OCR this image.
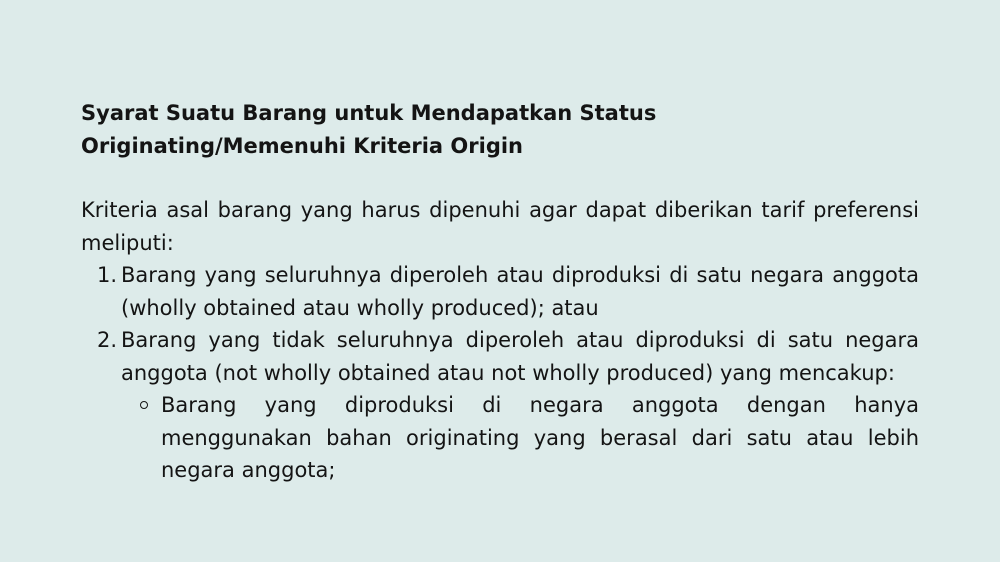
Syarat Suatu Barang untuk Mendapatkan Status
Originating/Memenuhi Kriteria Origin

Kriteria asal barang yang harus dipenuhi agar dapat diberikan tarif preferensi meliputi:

1. Barang yang seluruhnya diperoleh atau diproduksi di satu negara anggota (wholly obtained atau wholly produced); atau
2. Barang yang tidak seluruhnya diperoleh atau diproduksi di satu negara anggota (not wholly obtained atau not wholly produced) yang mencakup:
Barang yang diproduksi di negara anggota dengan hanya menggunakan bahan originating yang berasal dari satu atau lebih negara anggota;
